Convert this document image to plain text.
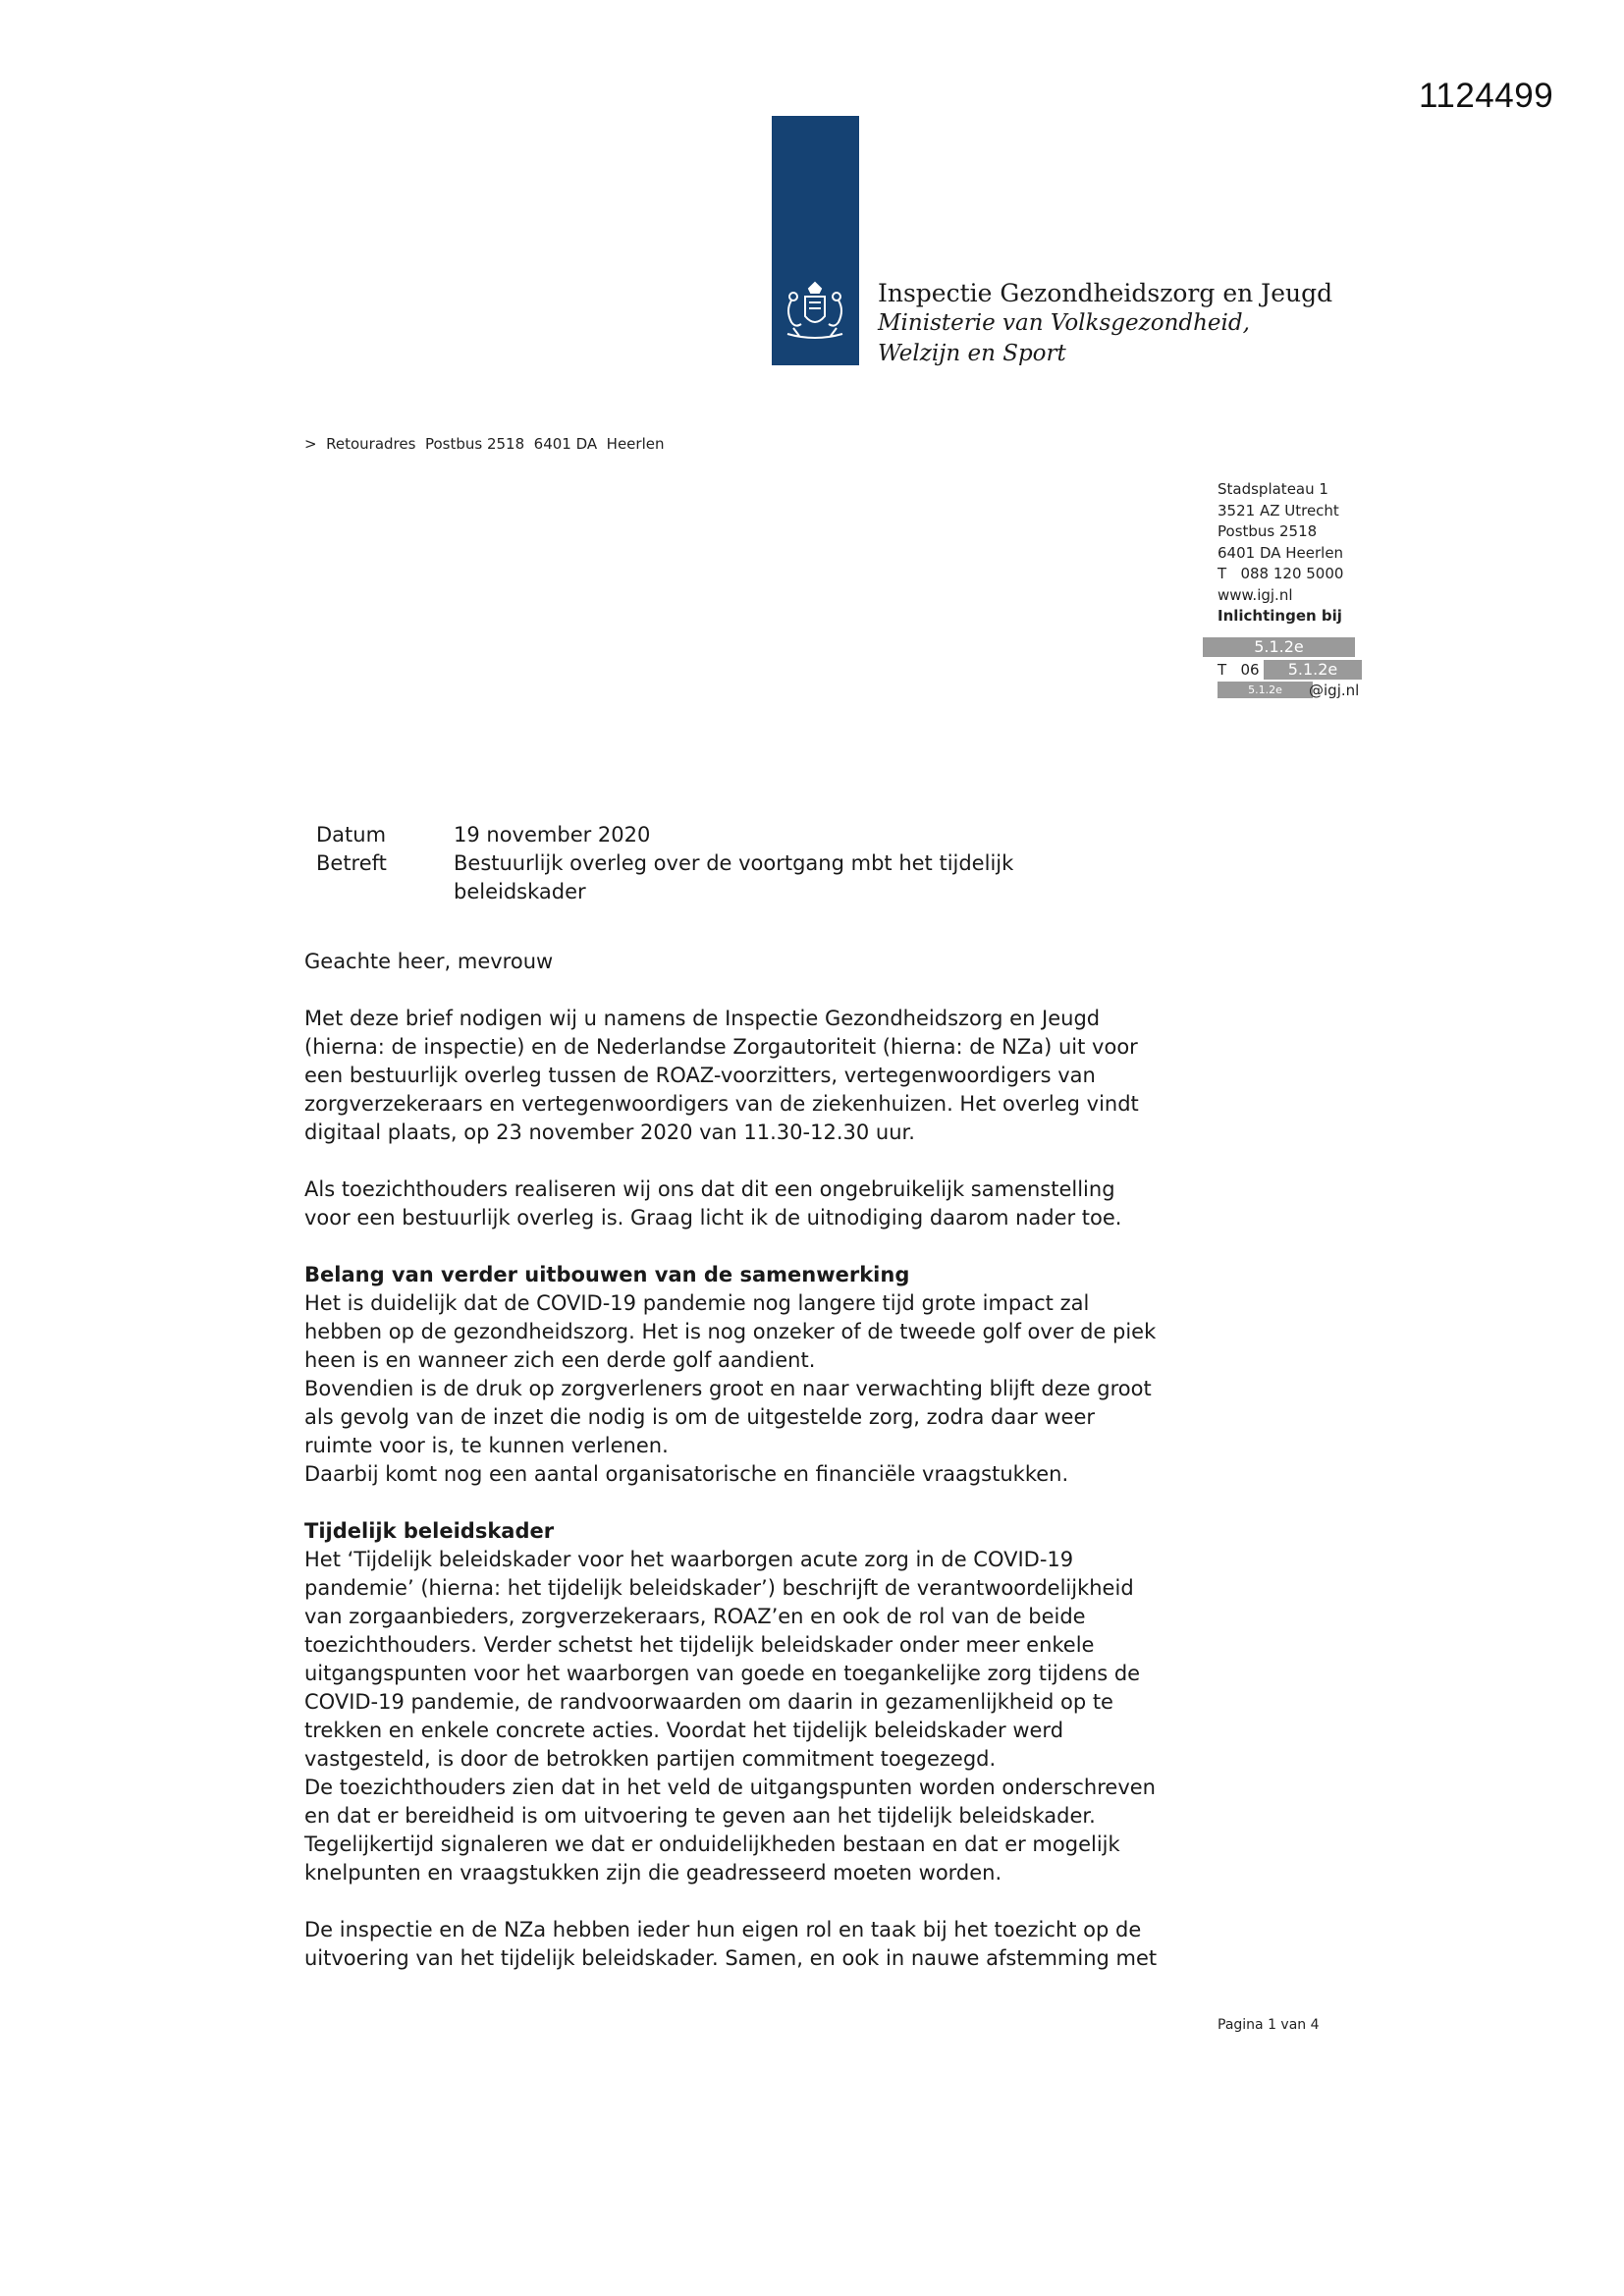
1124499
Inspectie Gezondheidszorg en Jeugd
Ministerie van Volksgezondheid,
Welzijn en Sport
>  Retouradres  Postbus 2518  6401 DA  Heerlen
Stadsplateau 1
3521 AZ Utrecht
Postbus 2518
6401 DA Heerlen
T   088 120 5000
www.igj.nl
Inlichtingen bij
5.1.2e
T   06	5.1.2e
5.1.2e	@igj.nl
Datum	19 november 2020
Betreft	Bestuurlijk overleg over de voortgang mbt het tijdelijk
beleidskader

Geachte heer, mevrouw

Met deze brief nodigen wij u namens de Inspectie Gezondheidszorg en Jeugd
(hierna: de inspectie) en de Nederlandse Zorgautoriteit (hierna: de NZa) uit voor
een bestuurlijk overleg tussen de ROAZ-voorzitters, vertegenwoordigers van
zorgverzekeraars en vertegenwoordigers van de ziekenhuizen. Het overleg vindt
digitaal plaats, op 23 november 2020 van 11.30-12.30 uur.

Als toezichthouders realiseren wij ons dat dit een ongebruikelijk samenstelling
voor een bestuurlijk overleg is. Graag licht ik de uitnodiging daarom nader toe.

Belang van verder uitbouwen van de samenwerking
Het is duidelijk dat de COVID-19 pandemie nog langere tijd grote impact zal
hebben op de gezondheidszorg. Het is nog onzeker of de tweede golf over de piek
heen is en wanneer zich een derde golf aandient.
Bovendien is de druk op zorgverleners groot en naar verwachting blijft deze groot
als gevolg van de inzet die nodig is om de uitgestelde zorg, zodra daar weer
ruimte voor is, te kunnen verlenen.
Daarbij komt nog een aantal organisatorische en financiële vraagstukken.

Tijdelijk beleidskader
Het ‘Tijdelijk beleidskader voor het waarborgen acute zorg in de COVID-19
pandemie’ (hierna: het tijdelijk beleidskader’) beschrijft de verantwoordelijkheid
van zorgaanbieders, zorgverzekeraars, ROAZ’en en ook de rol van de beide
toezichthouders. Verder schetst het tijdelijk beleidskader onder meer enkele
uitgangspunten voor het waarborgen van goede en toegankelijke zorg tijdens de
COVID-19 pandemie, de randvoorwaarden om daarin in gezamenlijkheid op te
trekken en enkele concrete acties. Voordat het tijdelijk beleidskader werd
vastgesteld, is door de betrokken partijen commitment toegezegd.
De toezichthouders zien dat in het veld de uitgangspunten worden onderschreven
en dat er bereidheid is om uitvoering te geven aan het tijdelijk beleidskader.
Tegelijkertijd signaleren we dat er onduidelijkheden bestaan en dat er mogelijk
knelpunten en vraagstukken zijn die geadresseerd moeten worden.

De inspectie en de NZa hebben ieder hun eigen rol en taak bij het toezicht op de
uitvoering van het tijdelijk beleidskader. Samen, en ook in nauwe afstemming met

Pagina 1 van 4
